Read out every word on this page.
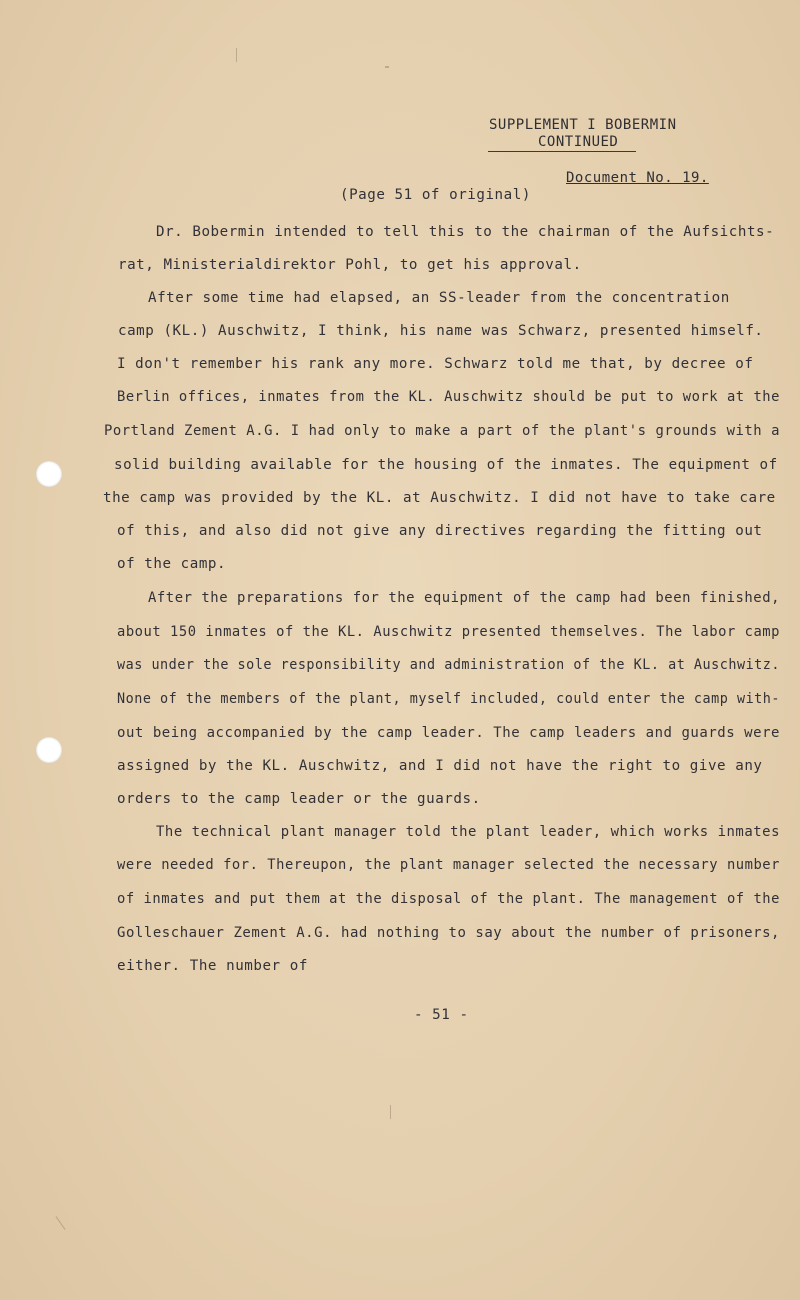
SUPPLEMENT I BOBERMIN
CONTINUED
Document No. 19.
(Page 51 of original)
Dr. Bobermin intended to tell this to the chairman of the Aufsichts-
rat, Ministerialdirektor Pohl, to get his approval.
After some time had elapsed, an SS-leader from the concentration
camp (KL.) Auschwitz, I think, his name was Schwarz, presented himself.
I don't remember his rank any more. Schwarz told me that, by decree of
Berlin offices, inmates from the KL. Auschwitz should be put to work at the
Portland Zement A.G. I had only to make a part of the plant's grounds with a
solid building available for the housing of the inmates. The equipment of
the camp was provided by the KL. at Auschwitz. I did not have to take care
of this, and also did not give any directives regarding the fitting out
of the camp.
After the preparations for the equipment of the camp had been finished,
about 150 inmates of the KL. Auschwitz presented themselves. The labor camp
was under the sole responsibility and administration of the KL. at Auschwitz.
None of the members of the plant, myself included, could enter the camp with-
out being accompanied by the camp leader. The camp leaders and guards were
assigned by the KL. Auschwitz, and I did not have the right to give any
orders to the camp leader or the guards.
The technical plant manager told the plant leader, which works inmates
were needed for. Thereupon, the plant manager selected the necessary number
of inmates and put them at the disposal of the plant. The management of the
Golleschauer Zement A.G. had nothing to say about the number of prisoners,
either. The number of
- 51 -
